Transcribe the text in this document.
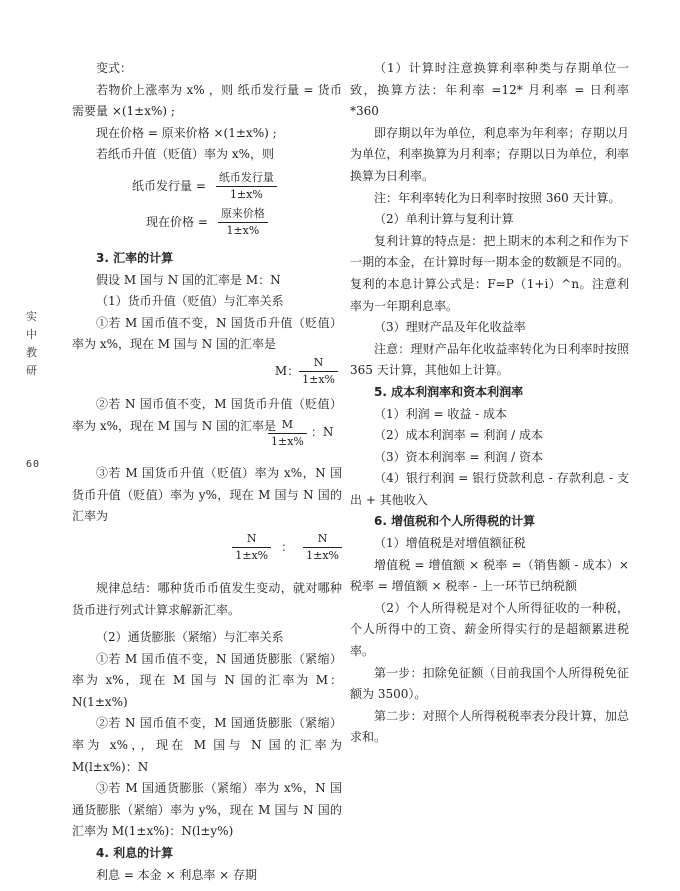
实
中
教
研
60

变式：

若物价上涨率为 x% ，则 纸币发行量 = 货币需要量 ×(1±x%) ;

现在价格 = 原来价格 ×(1±x%) ;

若纸币升值（贬值）率为 x%，则

纸币发行量 = $\frac{\text{纸币发行量}}{1\pm x\%}$
现在价格 = $\frac{\text{原来价格}}{1\pm x\%}$

3. 汇率的计算

假设 M 国与 N 国的汇率是 M：N

（1）货币升值（贬值）与汇率关系

①若 M 国币值不变，N 国货币升值（贬值）率为 x%，现在 M 国与 N 国的汇率是

M： $\frac{N}{1\pm x\%}$

②若 N 国币值不变，M 国货币升值（贬值）率为 x%，现在 M 国与 N 国的汇率是

$\frac{M}{1\pm x\%}$ ：N

③若 M 国货币升值（贬值）率为 x%，N 国货币升值（贬值）率为 y%，现在 M 国与 N 国的汇率为

$\frac{N}{1\pm x\%}$ ： $\frac{N}{1\pm x\%}$

规律总结：哪种货币币值发生变动，就对哪种货币进行列式计算求解新汇率。

（2）通货膨胀（紧缩）与汇率关系

①若 M 国币值不变，N 国通货膨胀（紧缩）率为 x%，现在 M 国与 N 国的汇率为 M：N(1±x%)

②若 N 国币值不变，M 国通货膨胀（紧缩）率为 x%，，现在 M 国与 N 国的汇率为 M(l±x%)：N

③若 M 国通货膨胀（紧缩）率为 x%，N 国通货膨胀（紧缩）率为 y%，现在 M 国与 N 国的汇率为 M(1±x%)：N(l±y%)

4. 利息的计算

利息 = 本金 × 利息率 × 存期

（1）计算时注意换算利率种类与存期单位一致，换算方法：年利率 =12* 月利率 = 日利率 *360

即存期以年为单位，利息率为年利率；存期以月为单位，利率换算为月利率；存期以日为单位，利率换算为日利率。

注：年利率转化为日利率时按照 360 天计算。

（2）单利计算与复利计算

复利计算的特点是：把上期末的本利之和作为下一期的本金，在计算时每一期本金的数额是不同的。复利的本息计算公式是：F=P（1+i）^n。注意利率为一年期利息率。

（3）理财产品及年化收益率

注意：理财产品年化收益率转化为日利率时按照 365 天计算，其他如上计算。

5. 成本利润率和资本利润率

（1）利润 = 收益 - 成本

（2）成本利润率 = 利润 / 成本

（3）资本利润率 = 利润 / 资本

（4）银行利润 = 银行贷款利息 - 存款利息 - 支出 + 其他收入

6. 增值税和个人所得税的计算

（1）增值税是对增值额征税

增值税 = 增值额 × 税率 =（销售额 - 成本）× 税率 = 增值额 × 税率 - 上一环节已纳税额

（2）个人所得税是对个人所得征收的一种税，个人所得中的工资、薪金所得实行的是超额累进税率。

第一步：扣除免征额（目前我国个人所得税免征额为 3500）。

第二步：对照个人所得税税率表分段计算，加总求和。
